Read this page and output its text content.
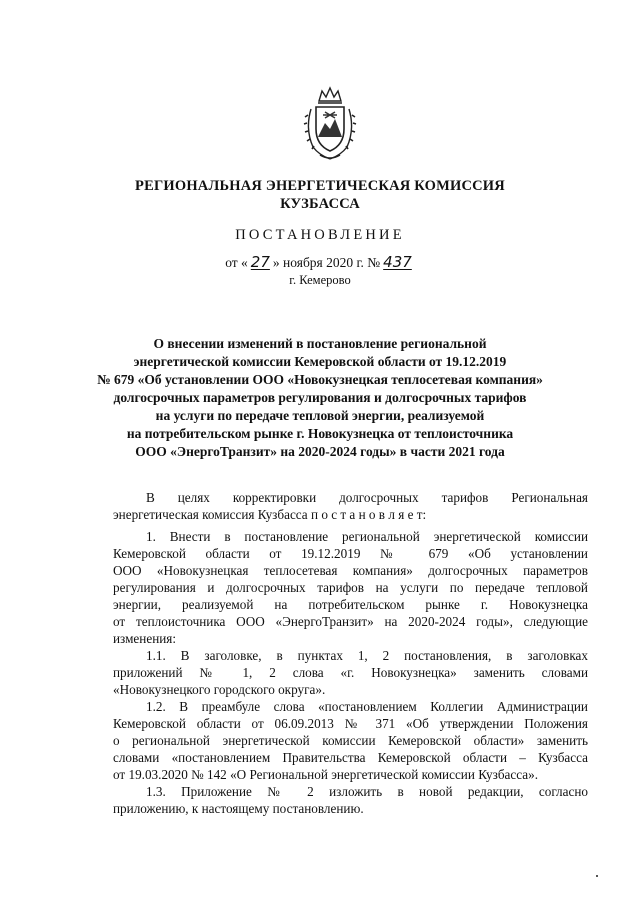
РЕГИОНАЛЬНАЯ ЭНЕРГЕТИЧЕСКАЯ КОМИССИЯ
КУЗБАССА
ПОСТАНОВЛЕНИЕ
от « 27 » ноября 2020 г. № 437
г. Кемерово
О внесении изменений в постановление региональной
энергетической комиссии Кемеровской области от 19.12.2019
№ 679 «Об установлении ООО «Новокузнецкая теплосетевая компания»
долгосрочных параметров регулирования и долгосрочных тарифов
на услуги по передаче тепловой энергии, реализуемой
на потребительском рынке г. Новокузнецка от теплоисточника
ООО «ЭнергоТранзит» на 2020-2024 годы» в части 2021 года
В целях корректировки долгосрочных тарифов Региональная
энергетическая комиссия Кузбасса п о с т а н о в л я е т:
1. Внести в постановление региональной энергетической комиссии
Кемеровской области от 19.12.2019 № 679 «Об установлении
ООО «Новокузнецкая теплосетевая компания» долгосрочных параметров
регулирования и долгосрочных тарифов на услуги по передаче тепловой
энергии, реализуемой на потребительском рынке г. Новокузнецка
от теплоисточника ООО «ЭнергоТранзит» на 2020-2024 годы», следующие
изменения:
1.1. В заголовке, в пунктах 1, 2 постановления, в заголовках
приложений № 1, 2 слова «г. Новокузнецка» заменить словами
«Новокузнецкого городского округа».
1.2. В преамбуле слова «постановлением Коллегии Администрации
Кемеровской области от 06.09.2013 № 371 «Об утверждении Положения
о региональной энергетической комиссии Кемеровской области» заменить
словами «постановлением Правительства Кемеровской области – Кузбасса
от 19.03.2020 № 142 «О Региональной энергетической комиссии Кузбасса».
1.3. Приложение № 2 изложить в новой редакции, согласно
приложению, к настоящему постановлению.
